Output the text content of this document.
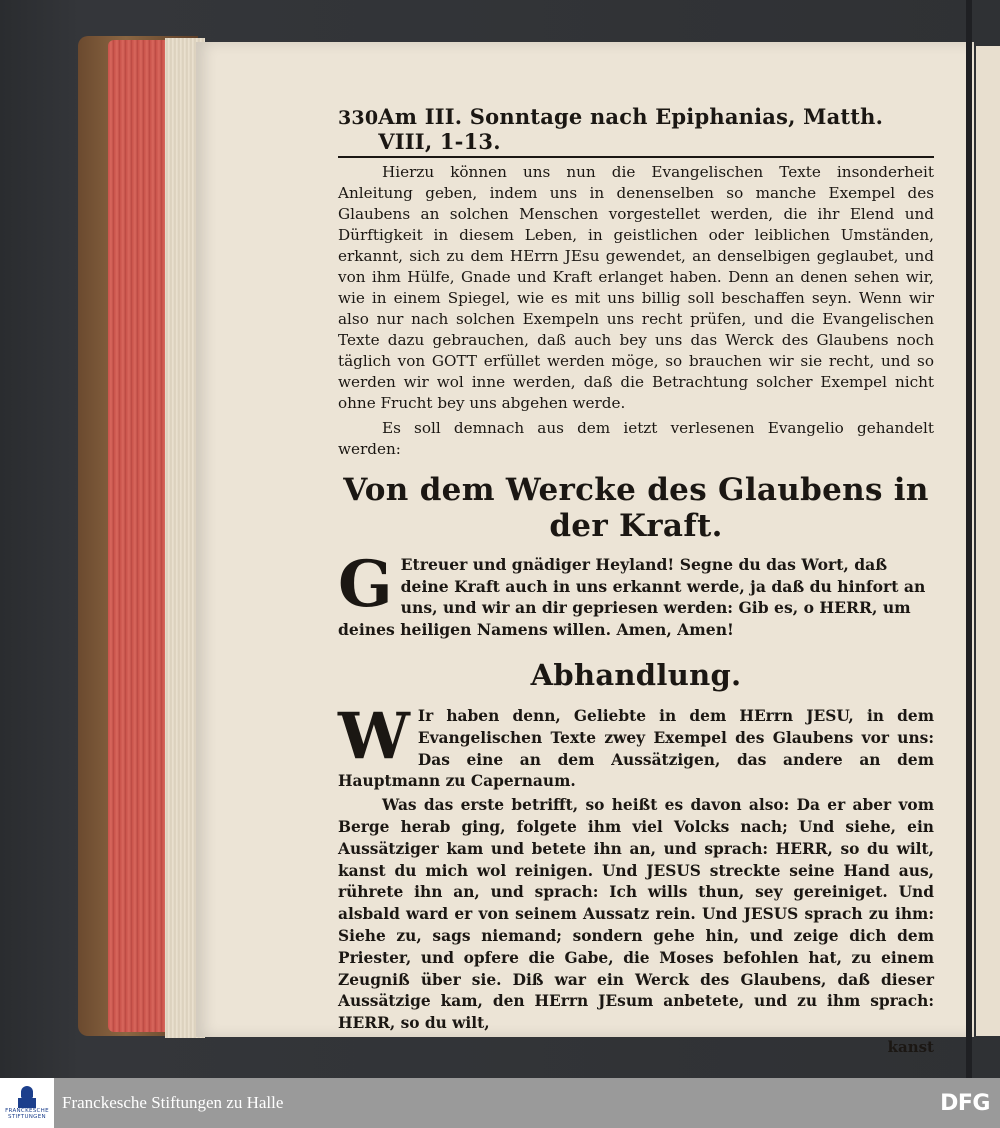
330 Am III. Sonntage nach Epiphanias, Matth. VIII, 1-13.

Hierzu können uns nun die Evangelischen Texte insonderheit Anleitung geben, indem uns in denenselben so manche Exempel des Glaubens an solchen Menschen vorgestellet werden, die ihr Elend und Dürftigkeit in diesem Leben, in geistlichen oder leiblichen Umständen, erkannt, sich zu dem HErrn JEsu gewendet, an denselbigen geglaubet, und von ihm Hülfe, Gnade und Kraft erlanget haben. Denn an denen sehen wir, wie in einem Spiegel, wie es mit uns billig soll beschaffen seyn. Wenn wir also nur nach solchen Exempeln uns recht prüfen, und die Evangelischen Texte dazu gebrauchen, daß auch bey uns das Werck des Glaubens noch täglich von GOTT erfüllet werden möge, so brauchen wir sie recht, und so werden wir wol inne werden, daß die Betrachtung solcher Exempel nicht ohne Frucht bey uns abgehen werde.

Es soll demnach aus dem ietzt verlesenen Evangelio gehandelt werden:

Von dem Wercke des Glaubens in der Kraft.
G Etreuer und gnädiger Heyland! Segne du das Wort, daß deine Kraft auch in uns erkannt werde, ja daß du hinfort an uns, und wir an dir gepriesen werden: Gib es, o HERR, um deines heiligen Namens willen. Amen, Amen!
Abhandlung.

W Ir haben denn, Geliebte in dem HErrn JESU, in dem Evangelischen Texte zwey Exempel des Glaubens vor uns: Das eine an dem Aussätzigen, das andere an dem Hauptmann zu Capernaum.

Was das erste betrifft, so heißt es davon also: Da er aber vom Berge herab ging, folgete ihm viel Volcks nach; Und siehe, ein Aussätziger kam und betete ihn an, und sprach: HERR, so du wilt, kanst du mich wol reinigen. Und JESUS streckte seine Hand aus, rührete ihn an, und sprach: Ich wills thun, sey gereiniget. Und alsbald ward er von seinem Aussatz rein. Und JESUS sprach zu ihm: Siehe zu, sags niemand; sondern gehe hin, und zeige dich dem Priester, und opfere die Gabe, die Moses befohlen hat, zu einem Zeugniß über sie. Diß war ein Werck des Glaubens, daß dieser Aussätzige kam, den HErrn JEsum anbetete, und zu ihm sprach: HERR, so du wilt,

kanst
FRANCKESCHE STIFTUNGEN
Franckesche Stiftungen zu Halle	DFG
